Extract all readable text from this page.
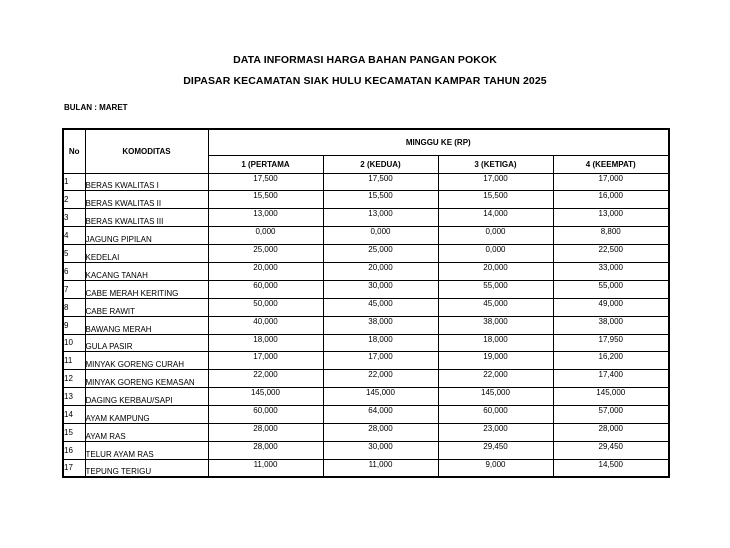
DATA INFORMASI HARGA BAHAN PANGAN POKOK
DIPASAR KECAMATAN SIAK HULU KECAMATAN KAMPAR TAHUN 2025
BULAN : MARET
No	KOMODITAS	MINGGU KE (RP)			
		1 (PERTAMA	2 (KEDUA)	3 (KETIGA)	4 (KEEMPAT)
1	BERAS KWALITAS I	17,500	17,500	17,000	17,000
2	BERAS KWALITAS II	15,500	15,500	15,500	16,000
3	BERAS KWALITAS III	13,000	13,000	14,000	13,000
4	JAGUNG PIPILAN	0,000	0,000	0,000	8,800
5	KEDELAI	25,000	25,000	0,000	22,500
6	KACANG TANAH	20,000	20,000	20,000	33,000
7	CABE MERAH KERITING	60,000	30,000	55,000	55,000
8	CABE RAWIT	50,000	45,000	45,000	49,000
9	BAWANG MERAH	40,000	38,000	38,000	38,000
10	GULA PASIR	18,000	18,000	18,000	17,950
11	MINYAK GORENG CURAH	17,000	17,000	19,000	16,200
12	MINYAK GORENG KEMASAN	22,000	22,000	22,000	17,400
13	DAGING KERBAU/SAPI	145,000	145,000	145,000	145,000
14	AYAM KAMPUNG	60,000	64,000	60,000	57,000
15	AYAM RAS	28,000	28,000	23,000	28,000
16	TELUR AYAM RAS	28,000	30,000	29,450	29,450
17	TEPUNG TERIGU	11,000	11,000	9,000	14,500
